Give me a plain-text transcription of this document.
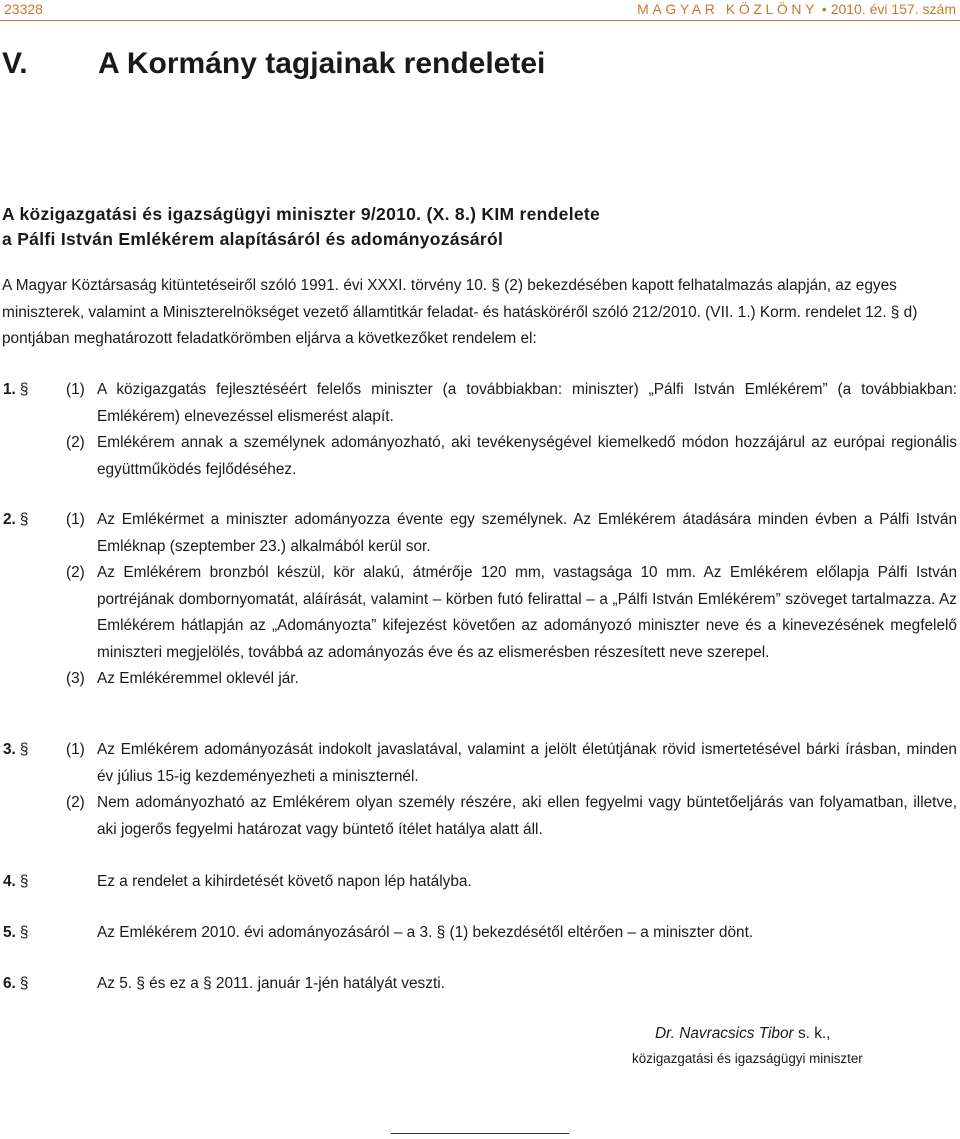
23328	MAGYAR KÖZLÖNY • 2010. évi 157. szám
V. A Kormány tagjainak rendeletei
A közigazgatási és igazságügyi miniszter 9/2010. (X. 8.) KIM rendelete
a Pálfi István Emlékérem alapításáról és adományozásáról
A Magyar Köztársaság kitüntetéseiről szóló 1991. évi XXXI. törvény 10. § (2) bekezdésében kapott felhatalmazás alapján, az egyes miniszterek, valamint a Miniszterelnökséget vezető államtitkár feladat- és hatásköréről szóló 212/2010. (VII. 1.) Korm. rendelet 12. § d) pontjában meghatározott feladatkörömben eljárva a következőket rendelem el:
1. § (1) A közigazgatás fejlesztéséért felelős miniszter (a továbbiakban: miniszter) „Pálfi István Emlékérem” (a továbbiakban: Emlékérem) elnevezéssel elismerést alapít.
(2) Emlékérem annak a személynek adományozható, aki tevékenységével kiemelkedő módon hozzájárul az európai regionális együttműködés fejlődéséhez.
2. § (1) Az Emlékérmet a miniszter adományozza évente egy személynek. Az Emlékérem átadására minden évben a Pálfi István Emléknap (szeptember 23.) alkalmából kerül sor.
(2) Az Emlékérem bronzból készül, kör alakú, átmérője 120 mm, vastagsága 10 mm. Az Emlékérem előlapja Pálfi István portréjának dombornyomatát, aláírását, valamint – körben futó felirattal – a „Pálfi István Emlékérem” szöveget tartalmazza. Az Emlékérem hátlapján az „Adományozta” kifejezést követően az adományozó miniszter neve és a kinevezésének megfelelő miniszteri megjelölés, továbbá az adományozás éve és az elismerésben részesített neve szerepel.
(3) Az Emlékéremmel oklevél jár.
3. § (1) Az Emlékérem adományozását indokolt javaslatával, valamint a jelölt életútjának rövid ismertetésével bárki írásban, minden év július 15-ig kezdeményezheti a miniszternél.
(2) Nem adományozható az Emlékérem olyan személy részére, aki ellen fegyelmi vagy büntetőeljárás van folyamatban, illetve, aki jogerős fegyelmi határozat vagy büntető ítélet hatálya alatt áll.
4. §	Ez a rendelet a kihirdetését követő napon lép hatályba.
5. §	Az Emlékérem 2010. évi adományozásáról – a 3. § (1) bekezdésétől eltérően – a miniszter dönt.
6. §	Az 5. § és ez a § 2011. január 1-jén hatályát veszti.
Dr. Navracsics Tibor s. k.,
közigazgatási és igazságügyi miniszter
